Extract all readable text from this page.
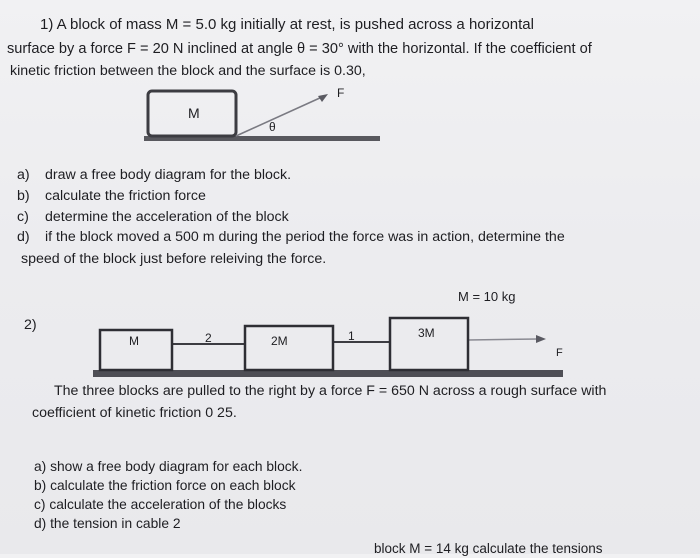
1) A block of mass M = 5.0 kg initially at rest, is pushed across a horizontal
surface by a force F = 20 N inclined at angle θ = 30° with the horizontal. If the coefficient of
kinetic friction between the block and the surface is 0.30,
M
F
θ
a) draw a free body diagram for the block.
b) calculate the friction force
c) determine the acceleration of the block
d) if the block moved a 500 m during the period the force was in action, determine the
speed of the block just before releiving the force.
2)
M = 10 kg
M	2M
3M
2	1
F
The three blocks are pulled to the right by a force F = 650 N across a rough surface with
coefficient of kinetic friction 0 25.
a) show a free body diagram for each block.
b) calculate the friction force on each block
c) calculate the acceleration of the blocks
d) the tension in cable 2
block M = 14 kg calculate the tensions
